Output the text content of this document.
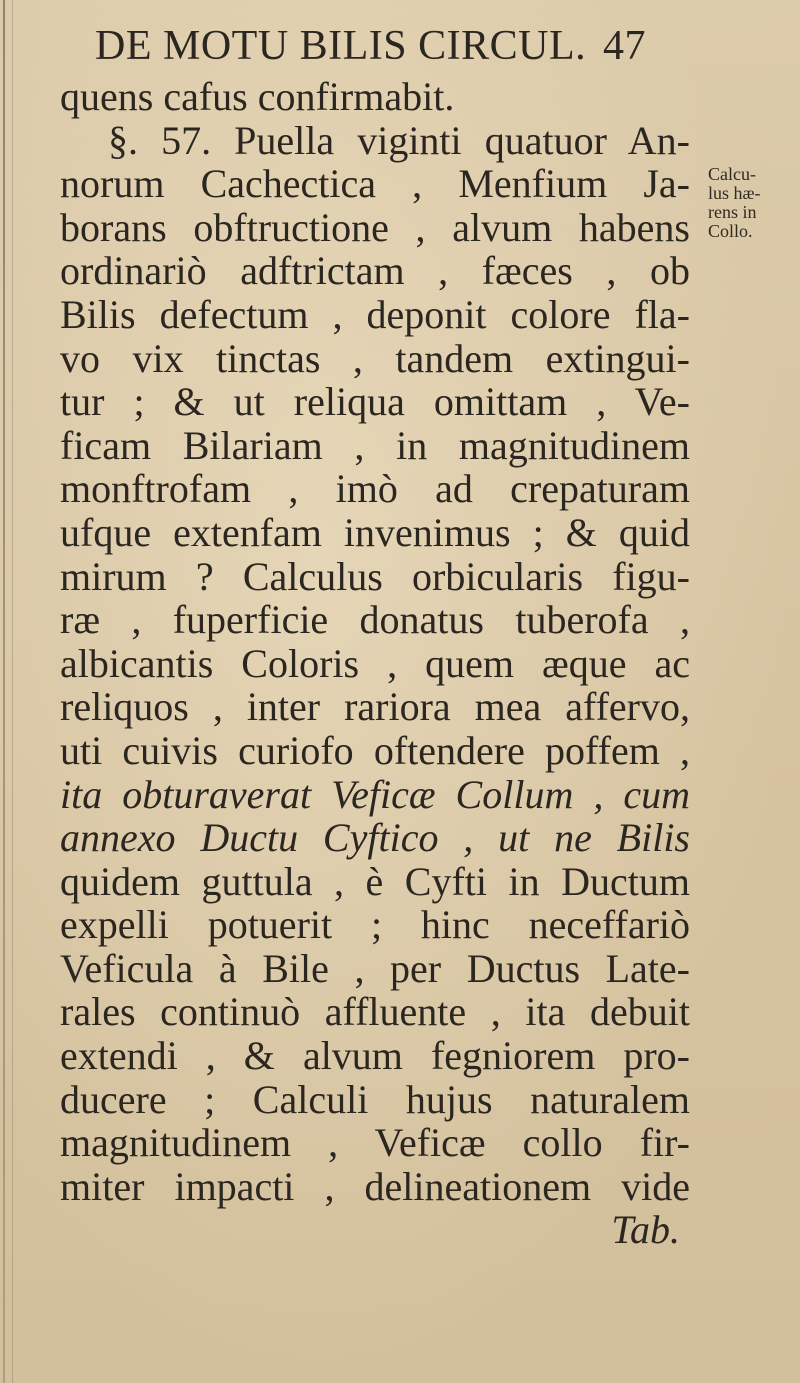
DE MOTU BILIS CIRCUL. 47
quens cafus confirmabit.
§. 57. Puella viginti quatuor An-
norum Cachectica , Menfium Ja-
borans obftructione , alvum habens
ordinariò adftrictam , fæces , ob
Bilis defectum , deponit colore fla-
vo vix tinctas , tandem extingui-
tur ; & ut reliqua omittam , Ve-
ficam Bilariam , in magnitudinem
monftrofam , imò ad crepaturam
ufque extenfam invenimus ; & quid
mirum ? Calculus orbicularis figu-
ræ , fuperficie donatus tuberofa ,
albicantis Coloris , quem æque ac
reliquos , inter rariora mea affervo,
uti cuivis curiofo oftendere poffem ,
ita obturaverat Veficæ Collum , cum
annexo Ductu Cyftico , ut ne Bilis
quidem guttula , è Cyfti in Ductum
expelli potuerit ; hinc neceffariò
Veficula à Bile , per Ductus Late-
rales continuò affluente , ita debuit
extendi , & alvum fegniorem pro-
ducere ; Calculi hujus naturalem
magnitudinem , Veficæ collo fir-
miter impacti , delineationem vide
Tab.
Calcu-
lus hæ-
rens in
Collo.
